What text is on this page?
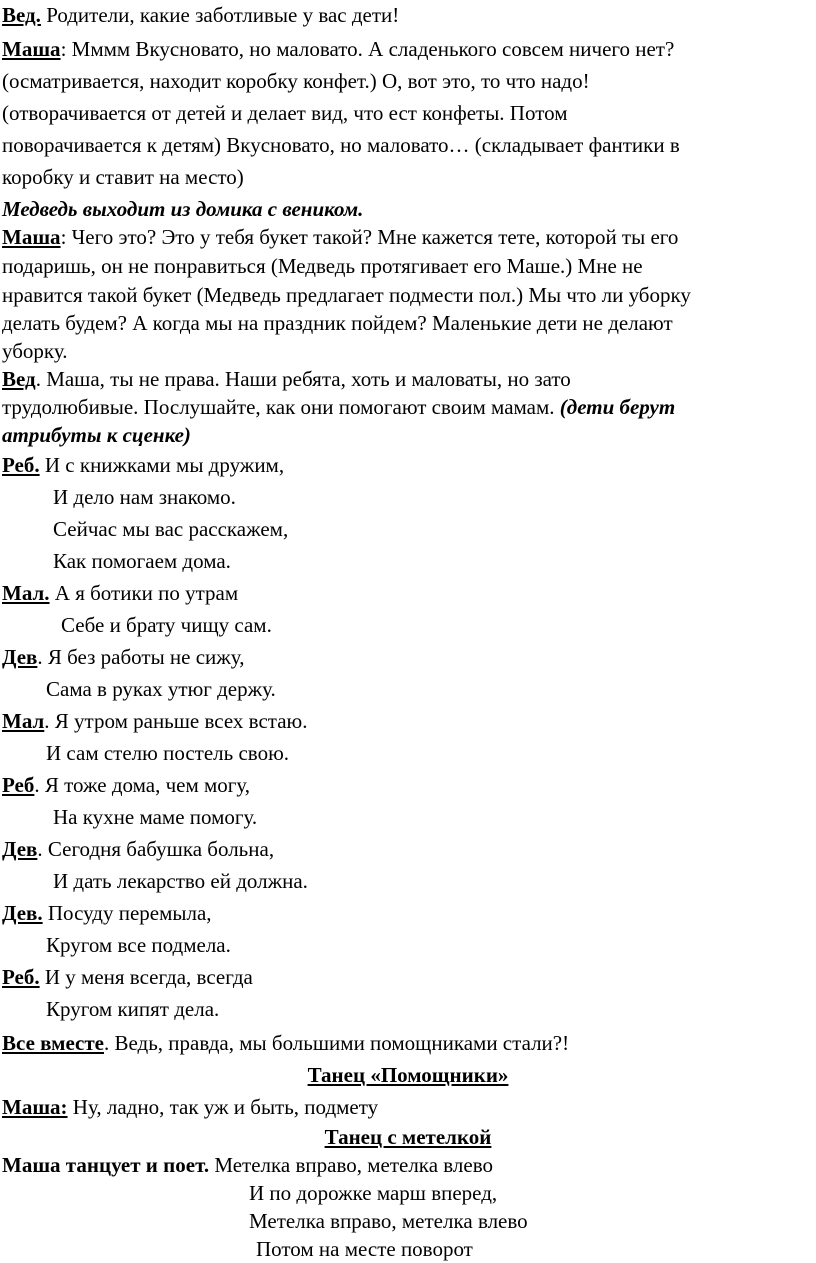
Вед. Родители, какие заботливые у вас дети!
Маша: Мммм Вкусновато, но маловато. А сладенького совсем ничего нет?
(осматривается, находит коробку конфет.) О, вот это, то что надо!
(отворачивается от детей и делает вид, что ест конфеты. Потом
поворачивается к детям) Вкусновато, но маловато… (складывает фантики в
коробку и ставит на место)
Медведь выходит из домика с веником.
Маша: Чего это? Это у тебя букет такой? Мне кажется тете, которой ты его
подаришь, он не понравиться (Медведь протягивает его Маше.) Мне не
нравится такой букет (Медведь предлагает подмести пол.) Мы что ли уборку
делать будем? А когда мы на праздник пойдем? Маленькие дети не делают
уборку.
Вед. Маша, ты не права. Наши ребята, хоть и маловаты, но зато
трудолюбивые. Послушайте, как они помогают своим мамам. (дети берут
атрибуты к сценке)
Реб. И с книжками мы дружим,
И дело нам знакомо.
Сейчас мы вас расскажем,
Как помогаем дома.
Мал. А я ботики по утрам
Себе и брату чищу сам.
Дев. Я без работы не сижу,
Сама в руках утюг держу.
Мал. Я утром раньше всех встаю.
И сам стелю постель свою.
Реб. Я тоже дома, чем могу,
На кухне маме помогу.
Дев. Сегодня бабушка больна,
И дать лекарство ей должна.
Дев. Посуду перемыла,
Кругом все подмела.
Реб. И у меня всегда, всегда
Кругом кипят дела.
Все вместе. Ведь, правда, мы большими помощниками стали?!
Танец «Помощники»
Маша: Ну, ладно, так уж и быть, подмету
Танец с метелкой
Маша танцует и поет. Метелка вправо, метелка влево
И по дорожке марш вперед,
Метелка вправо, метелка влево
Потом на месте поворот
